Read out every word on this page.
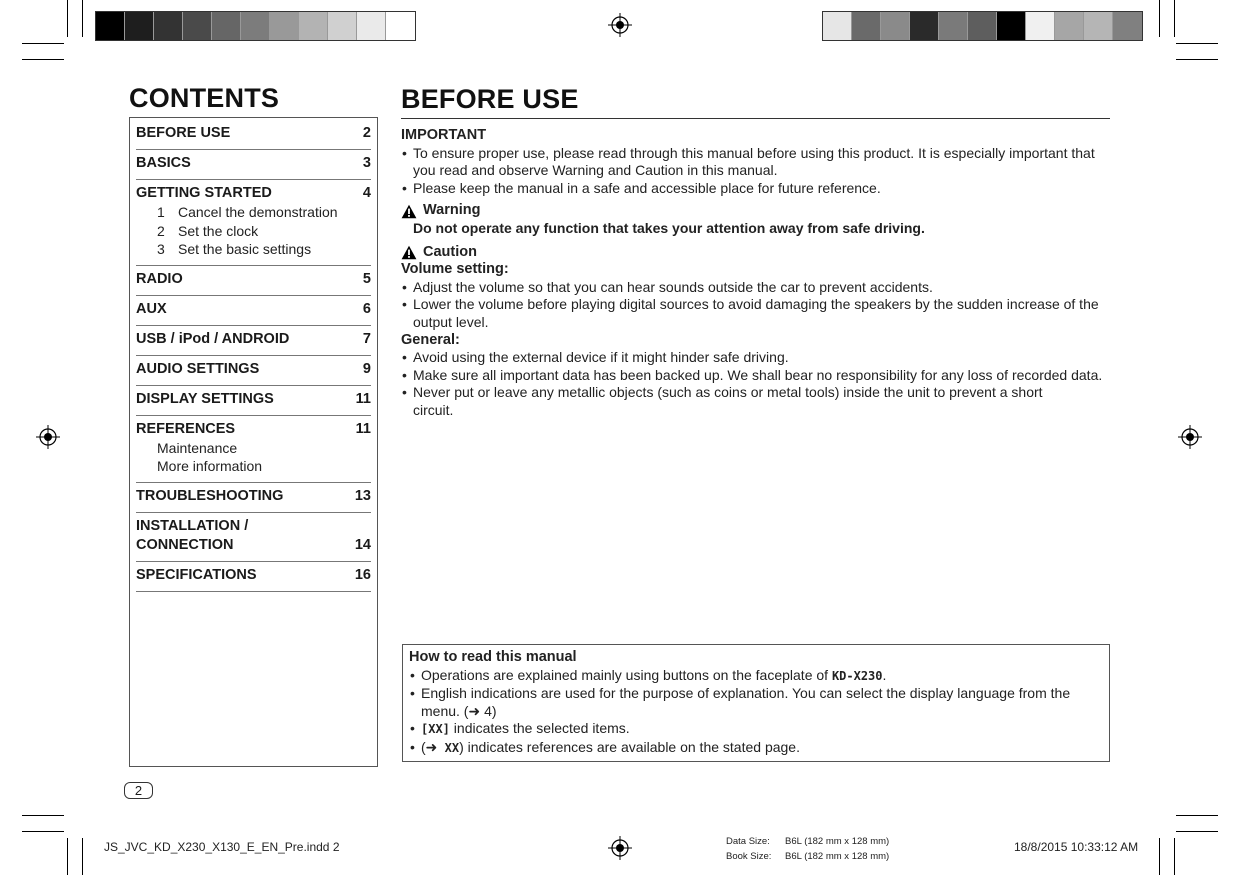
CONTENTS
BEFORE USE	2
BASICS	3
GETTING STARTED	4
1 Cancel the demonstration
2 Set the clock
3 Set the basic settings
RADIO	5
AUX	6
USB / iPod / ANDROID	7
AUDIO SETTINGS	9
DISPLAY SETTINGS	11
REFERENCES	11
Maintenance
More information
TROUBLESHOOTING	13
INSTALLATION / CONNECTION	14
SPECIFICATIONS	16
BEFORE USE
IMPORTANT
• To ensure proper use, please read through this manual before using this product. It is especially important that you read and observe Warning and Caution in this manual.
• Please keep the manual in a safe and accessible place for future reference.
Warning
Do not operate any function that takes your attention away from safe driving.
Caution
Volume setting:
• Adjust the volume so that you can hear sounds outside the car to prevent accidents.
• Lower the volume before playing digital sources to avoid damaging the speakers by the sudden increase of the output level.
General:
• Avoid using the external device if it might hinder safe driving.
• Make sure all important data has been backed up. We shall bear no responsibility for any loss of recorded data.
• Never put or leave any metallic objects (such as coins or metal tools) inside the unit to prevent a short circuit.
How to read this manual
• Operations are explained mainly using buttons on the faceplate of KD-X230.
• English indications are used for the purpose of explanation. You can select the display language from the menu. (➜ 4)
• [XX] indicates the selected items.
• (➜ XX) indicates references are available on the stated page.
2
JS_JVC_KD_X230_X130_E_EN_Pre.indd 2	Data Size: B6L (182 mm x 128 mm)
Book Size: B6L (182 mm x 128 mm)
18/8/2015 10:33:12 AM
